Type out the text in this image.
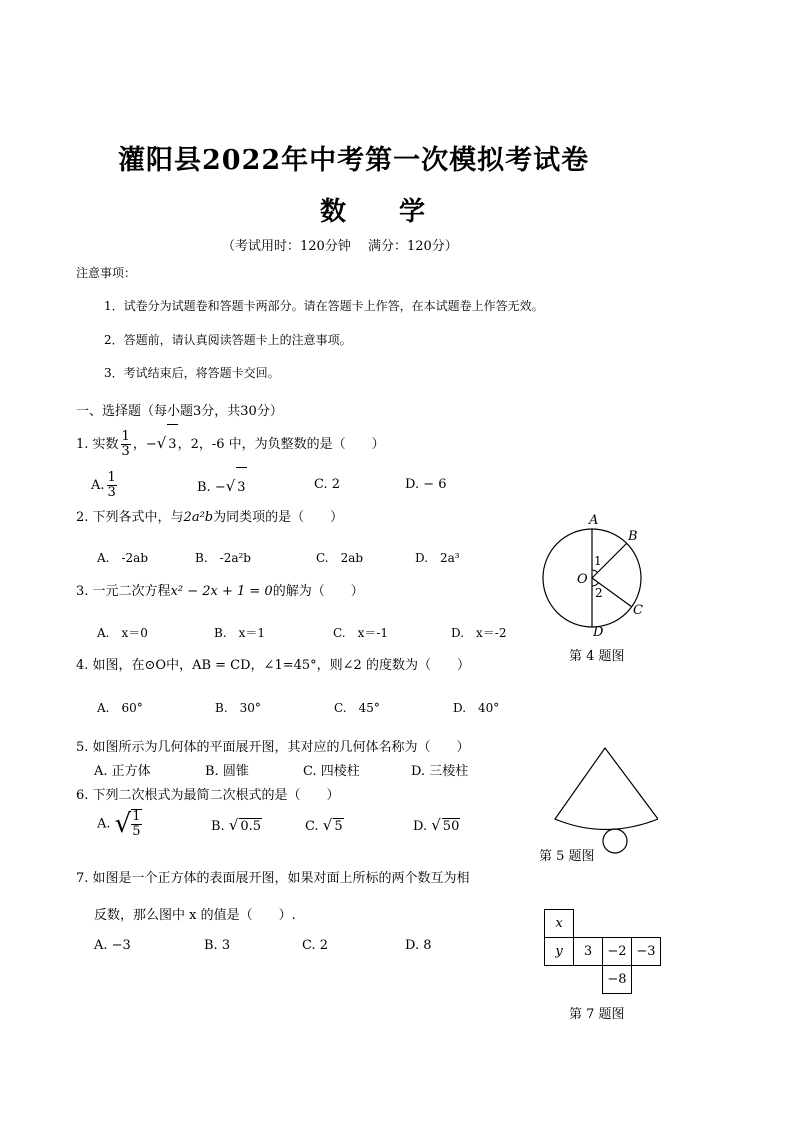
灌阳县2022年中考第一次模拟考试卷
数 学
（考试用时：120分钟　 满分：120分）
注意事项：
1．试卷分为试题卷和答题卡两部分。请在答题卡上作答，在本试题卷上作答无效。
2．答题前，请认真阅读答题卡上的注意事项。
3．考试结束后，将答题卡交回。
一、选择题（每小题3分，共30分）
1. 实数 $\frac{1}{3}$ ，−√ 3，2，-6 中，为负整数的是（　　）
A. $\frac{1}{3}$	B. −√ 3	C. 2	D. − 6
2. 下列各式中，与2a²b为同类项的是（　　）
A.　-2ab	B.　-2a²b	C.　2ab	D.　2a³
3. 一元二次方程x² − 2x + 1 = 0的解为（　　）
A.　x＝0	B.　x＝1	C.　x＝-1	D.　x＝-2
4. 如图，在⊙O中，AB = CD，∠1=45°，则∠2 的度数为（　　）
A.　60°	B.　30°	C.　45°	D.　40°
5. 如图所示为几何体的平面展开图，其对应的几何体名称为（　　）
A. 正方体	B. 圆锥	C. 四棱柱	D. 三棱柱
6. 下列二次根式为最简二次根式的是（　　）
A. √ $\frac{1}{5}$	B. √ 0.5	C. √ 5	D. √ 50
7. 如图是一个正方体的表面展开图，如果对面上所标的两个数互为相
反数，那么图中 x 的值是（　　）.
A. −3	B. 3	C. 2	D. 8
A
B
C
D
O
1
2
第 4 题图
第 5 题图
x			
y	3	−2	−3
		−8	
第 7 题图
